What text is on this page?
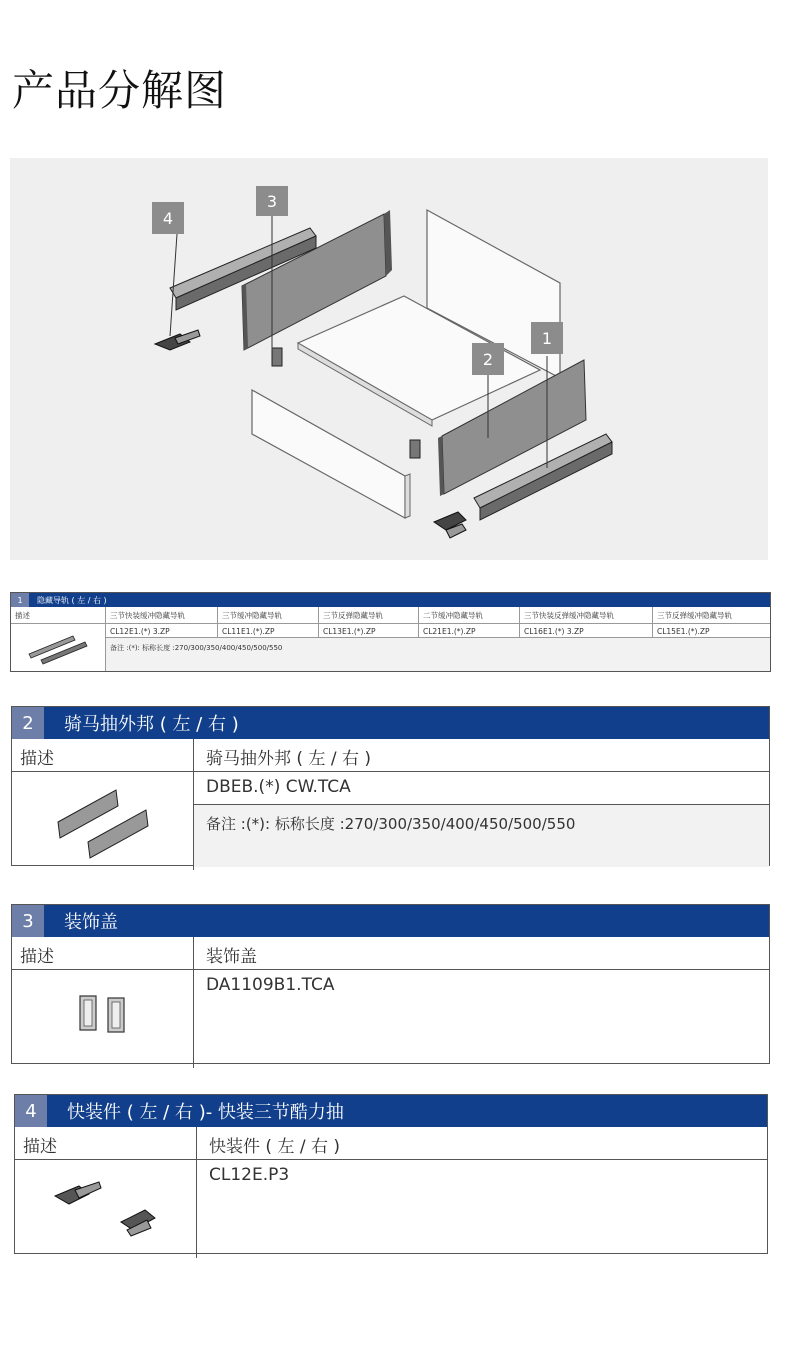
产品分解图
4
3
2
1
1	隐藏导轨 ( 左 / 右 )
描述	三节快装缓冲隐藏导轨	三节缓冲隐藏导轨	三节反弹隐藏导轨	二节缓冲隐藏导轨	三节快装反弹缓冲隐藏导轨	三节反弹缓冲隐藏导轨
CL12E1.(*) 3.ZP	CL11E1.(*).ZP	CL13E1.(*).ZP	CL21E1.(*).ZP	CL16E1.(*) 3.ZP	CL15E1.(*).ZP
备注 :(*): 标称长度 :270/300/350/400/450/500/550
2	骑马抽外邦 ( 左 / 右 )
描述	骑马抽外邦 ( 左 / 右 )
DBEB.(*) CW.TCA
备注 :(*): 标称长度 :270/300/350/400/450/500/550
3	装饰盖
描述	装饰盖
DA1109B1.TCA
4	快装件 ( 左 / 右 )- 快装三节酷力抽
描述	快装件 ( 左 / 右 )
CL12E.P3
